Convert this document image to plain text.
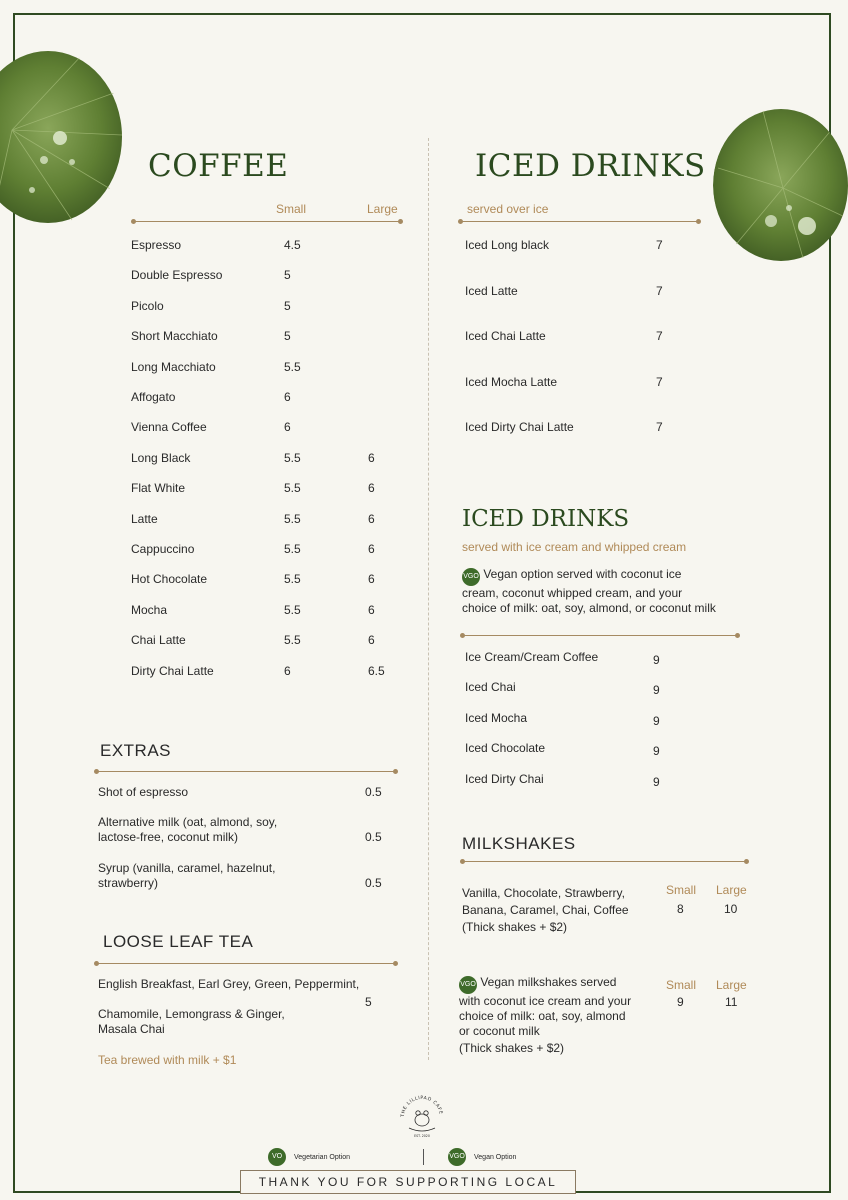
COFFEE
Small	Large
Espresso	4.5
Double Espresso	5
Picolo	5
Short Macchiato	5
Long Macchiato	5.5
Affogato	6
Vienna Coffee	6
Long Black	5.5	6
Flat White	5.5	6
Latte	5.5	6
Cappuccino	5.5	6
Hot Chocolate	5.5	6
Mocha	5.5	6
Chai Latte	5.5	6
Dirty Chai Latte	6	6.5
EXTRAS
Shot of espresso	0.5
Alternative milk (oat, almond, soy, lactose-free, coconut milk)	0.5
Syrup (vanilla, caramel, hazelnut, strawberry)	0.5
LOOSE LEAF TEA
English Breakfast, Earl Grey, Green, Peppermint,
Chamomile, Lemongrass & Ginger, Masala Chai
5
Tea brewed with milk + $1
ICED DRINKS
served over ice
Iced Long black	7
Iced Latte	7
Iced Chai Latte	7
Iced Mocha Latte	7
Iced Dirty Chai Latte	7
ICED DRINKS
served with ice cream and whipped cream
VGO Vegan option served with coconut ice cream, coconut whipped cream, and your choice of milk: oat, soy, almond, or coconut milk
Ice Cream/Cream Coffee	9
Iced Chai	9
Iced Mocha	9
Iced Chocolate	9
Iced Dirty Chai	9
MILKSHAKES
Vanilla, Chocolate, Strawberry, Banana, Caramel, Chai, Coffee
(Thick shakes + $2)
Small Large
8	10
VGO Vegan milkshakes served with coconut ice cream and your choice of milk: oat, soy, almond or coconut milk
(Thick shakes + $2)
Small Large
9	11
THE LILLIPAD CAFE
EST. 2020
VO	Vegetarian Option	VGO Vegan Option
THANK YOU FOR SUPPORTING LOCAL
